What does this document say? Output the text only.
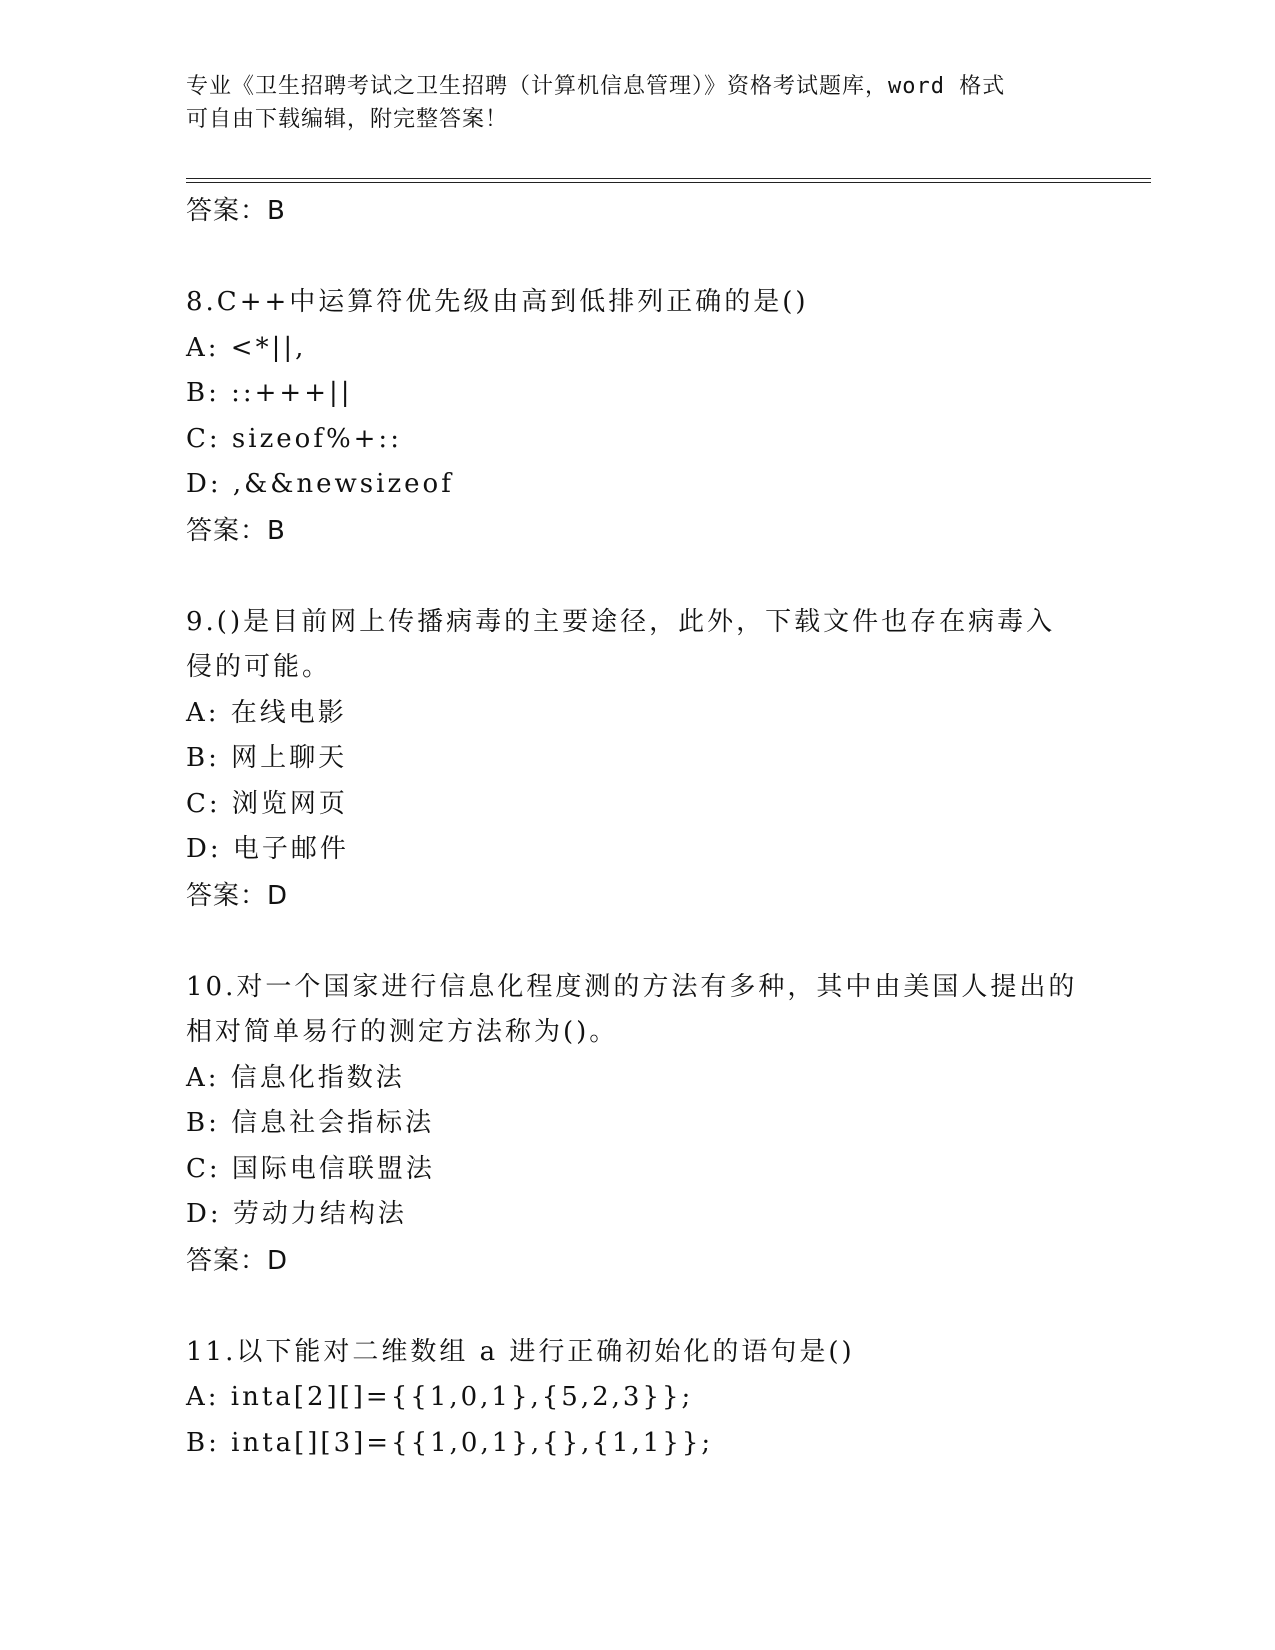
专业《卫生招聘考试之卫生招聘（计算机信息管理）》资格考试题库，word 格式
可自由下载编辑，附完整答案！
答案：B
8.C++中运算符优先级由高到低排列正确的是()
A: <*||,
B: ::+++||
C: sizeof%+::
D: ,&&newsizeof
答案：B
9.()是目前网上传播病毒的主要途径，此外，下载文件也存在病毒入
侵的可能。
A: 在线电影
B: 网上聊天
C: 浏览网页
D: 电子邮件
答案：D
10.对一个国家进行信息化程度测的方法有多种，其中由美国人提出的
相对简单易行的测定方法称为()。
A: 信息化指数法
B: 信息社会指标法
C: 国际电信联盟法
D: 劳动力结构法
答案：D
11.以下能对二维数组 a 进行正确初始化的语句是()
A: inta[2][]={{1,0,1},{5,2,3}};
B: inta[][3]={{1,0,1},{},{1,1}};
